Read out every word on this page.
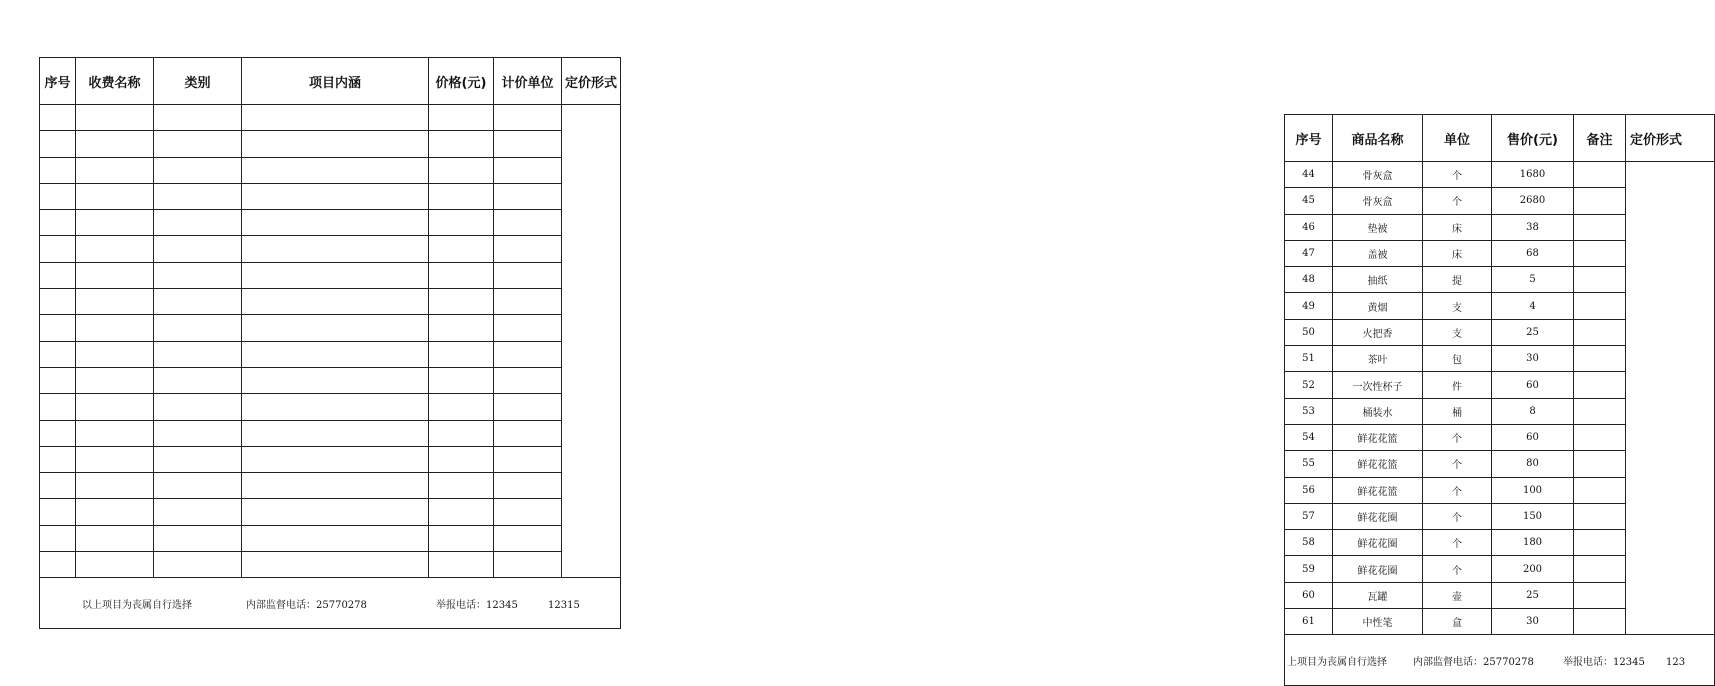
序号	收费名称	类别	项目内涵	价格(元)	计价单位	定价形式

以上项目为丧属自行选择 内部监督电话：25770278 举报电话：12345 12315						
序号	商品名称	单位	售价(元)	备注	定价形式
44	骨灰盒	个	1680		
45	骨灰盒	个	2680		
46	垫被	床	38		
47	盖被	床	68		
48	抽纸	提	5		
49	黄烟	支	4		
50	火把香	支	25		
51	茶叶	包	30		
52	一次性杯子	件	60		
53	桶装水	桶	8		
54	鲜花花篮	个	60		
55	鲜花花篮	个	80		
56	鲜花花篮	个	100		
57	鲜花花圈	个	150		
58	鲜花花圈	个	180		
59	鲜花花圈	个	200		
60	瓦罐	壶	25		
61	中性笔	盒	30		
上项目为丧属自行选择 内部监督电话：25770278 举报电话：12345 123					
